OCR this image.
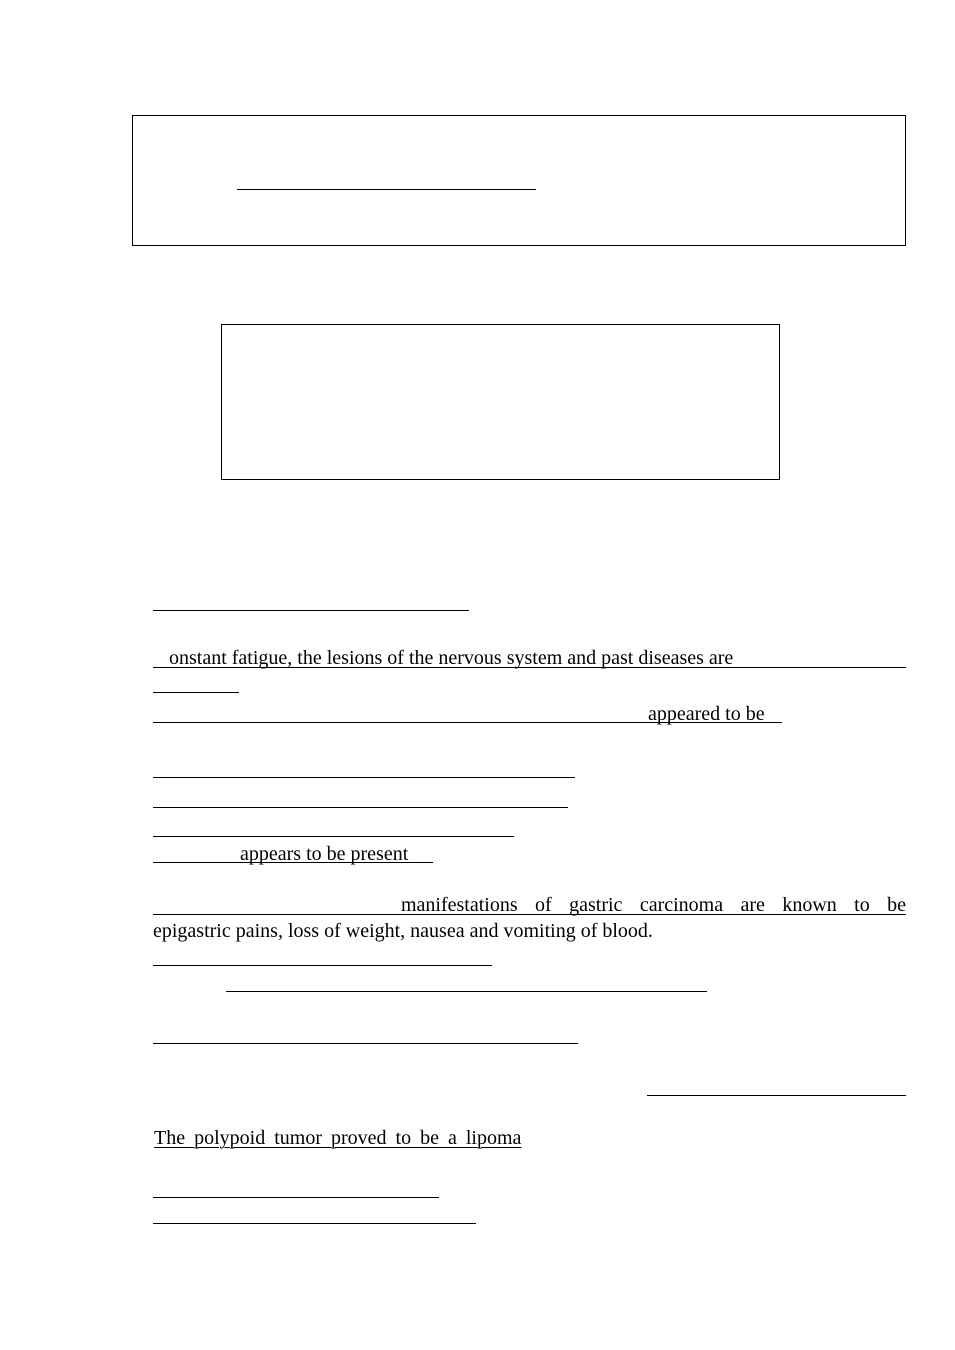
onstant fatigue, the lesions of the nervous system and past diseases are
appeared to be
appears to be present
manifestations of gastric carcinoma are known to be
epigastric pains, loss of weight, nausea and vomiting of blood.
The polypoid tumor proved to be a lipoma
